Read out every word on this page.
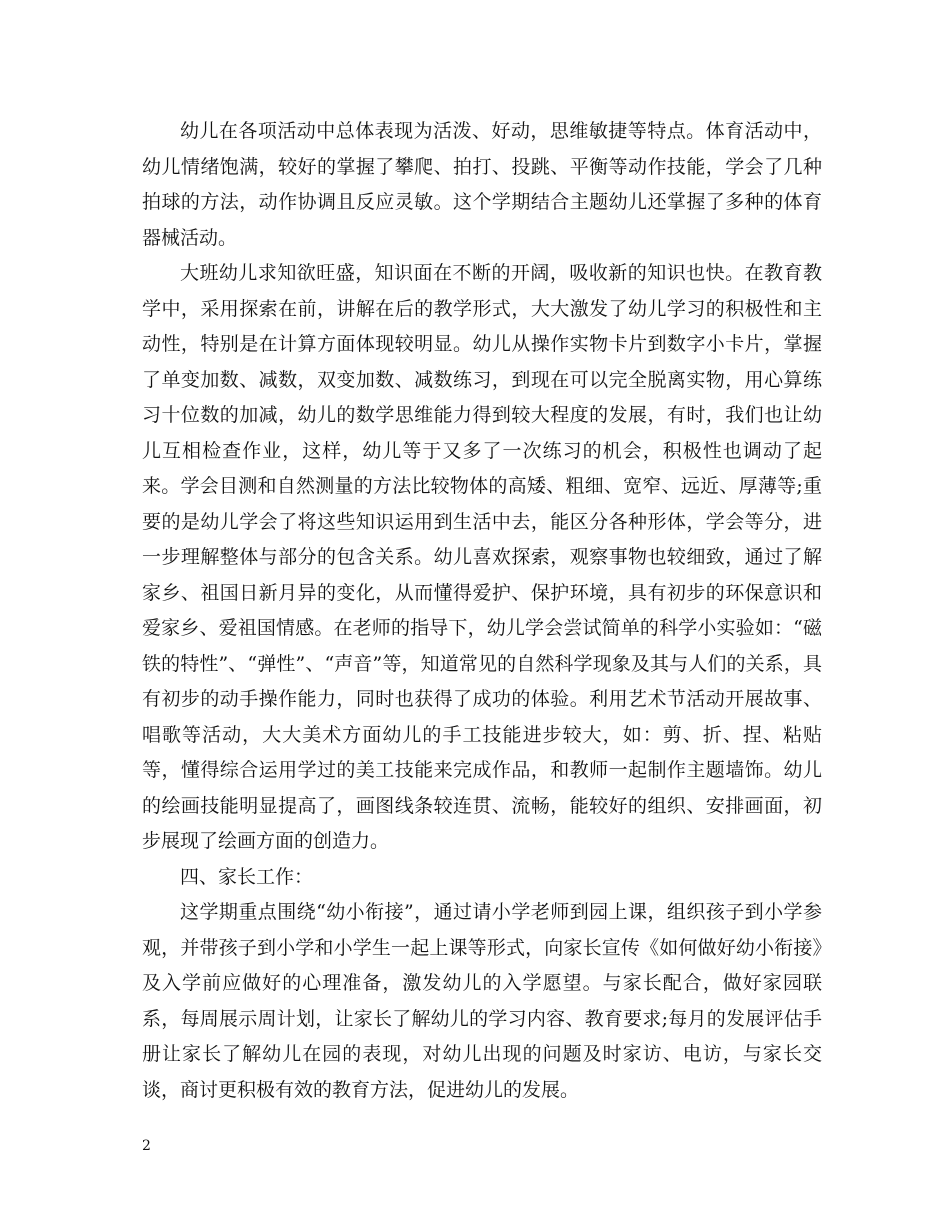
幼儿在各项活动中总体表现为活泼、好动，思维敏捷等特点。体育活动中，幼儿情绪饱满，较好的掌握了攀爬、拍打、投跳、平衡等动作技能，学会了几种拍球的方法，动作协调且反应灵敏。这个学期结合主题幼儿还掌握了多种的体育器械活动。

大班幼儿求知欲旺盛，知识面在不断的开阔，吸收新的知识也快。在教育教学中，采用探索在前，讲解在后的教学形式，大大激发了幼儿学习的积极性和主动性，特别是在计算方面体现较明显。幼儿从操作实物卡片到数字小卡片，掌握了单变加数、减数，双变加数、减数练习，到现在可以完全脱离实物，用心算练习十位数的加减，幼儿的数学思维能力得到较大程度的发展，有时，我们也让幼儿互相检查作业，这样，幼儿等于又多了一次练习的机会，积极性也调动了起来。学会目测和自然测量的方法比较物体的高矮、粗细、宽窄、远近、厚薄等;重要的是幼儿学会了将这些知识运用到生活中去，能区分各种形体，学会等分，进一步理解整体与部分的包含关系。幼儿喜欢探索，观察事物也较细致，通过了解家乡、祖国日新月异的变化，从而懂得爱护、保护环境，具有初步的环保意识和爱家乡、爱祖国情感。在老师的指导下，幼儿学会尝试简单的科学小实验如：“磁铁的特性”、“弹性”、“声音”等，知道常见的自然科学现象及其与人们的关系，具有初步的动手操作能力，同时也获得了成功的体验。利用艺术节活动开展故事、唱歌等活动，大大美术方面幼儿的手工技能进步较大，如：剪、折、捏、粘贴等，懂得综合运用学过的美工技能来完成作品，和教师一起制作主题墙饰。幼儿的绘画技能明显提高了，画图线条较连贯、流畅，能较好的组织、安排画面，初步展现了绘画方面的创造力。

四、家长工作：

这学期重点围绕“幼小衔接”，通过请小学老师到园上课，组织孩子到小学参观，并带孩子到小学和小学生一起上课等形式，向家长宣传《如何做好幼小衔接》及入学前应做好的心理准备，激发幼儿的入学愿望。与家长配合，做好家园联系，每周展示周计划，让家长了解幼儿的学习内容、教育要求;每月的发展评估手册让家长了解幼儿在园的表现，对幼儿出现的问题及时家访、电访，与家长交谈，商讨更积极有效的教育方法，促进幼儿的发展。

2
